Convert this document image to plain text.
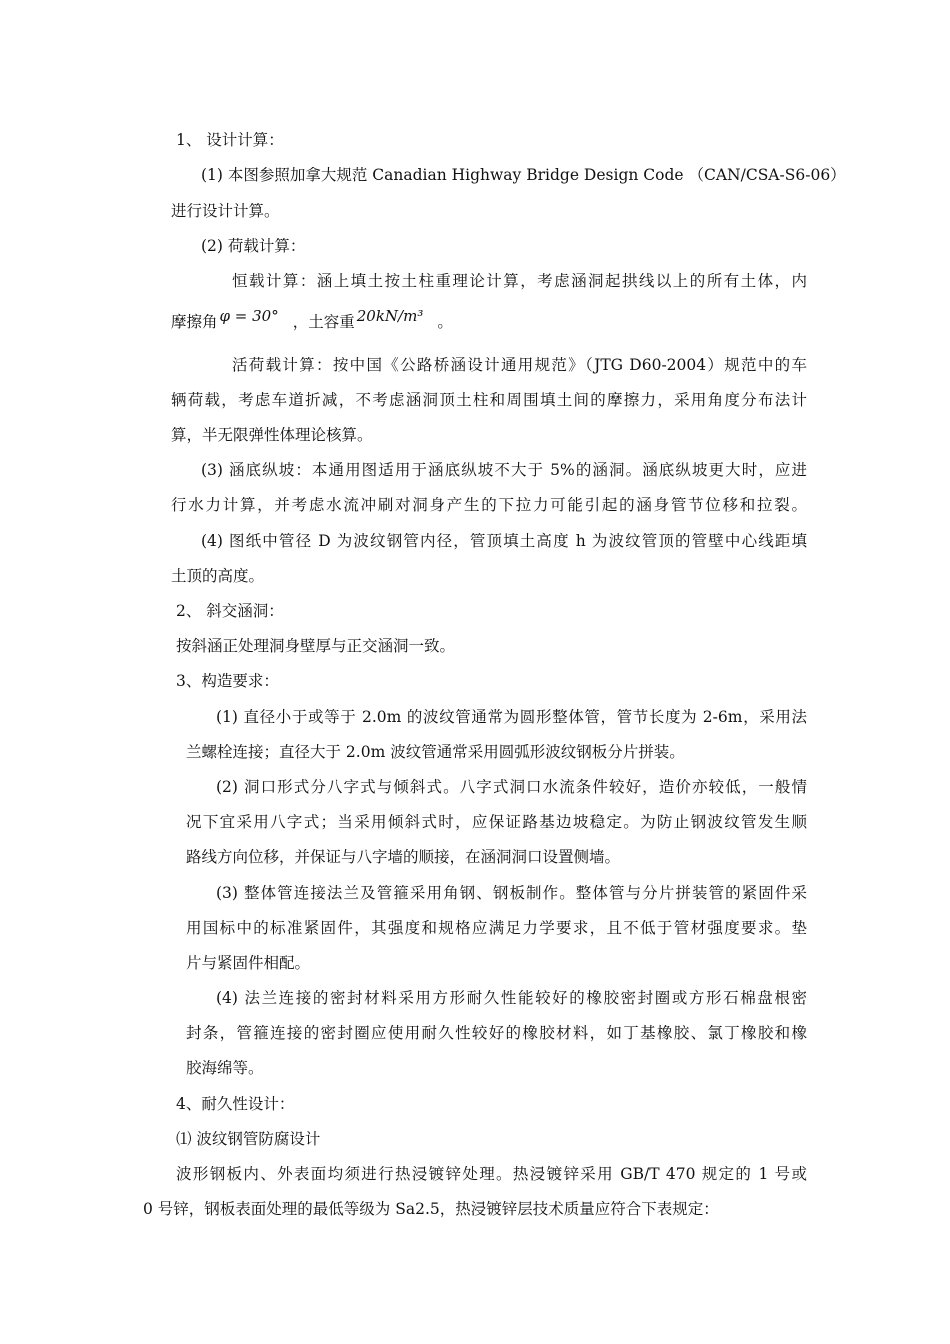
1、 设计计算：
(1) 本图参照加拿大规范 Canadian Highway Bridge Design Code （CAN/CSA-S6-06）
进行设计计算。
(2) 荷载计算：
恒载计算：涵上填土按土柱重理论计算，考虑涵洞起拱线以上的所有土体，内
摩擦角 φ = 30° ，土容重 20kN/m³ 。
活荷载计算：按中国《公路桥涵设计通用规范》（JTG D60-2004）规范中的车
辆荷载，考虑车道折减，不考虑涵洞顶土柱和周围填土间的摩擦力，采用角度分布法计
算，半无限弹性体理论核算。
(3) 涵底纵坡：本通用图适用于涵底纵坡不大于 5%的涵洞。涵底纵坡更大时，应进
行水力计算，并考虑水流冲刷对洞身产生的下拉力可能引起的涵身管节位移和拉裂。
(4) 图纸中管径 D 为波纹钢管内径，管顶填土高度 h 为波纹管顶的管壁中心线距填
土顶的高度。
2、 斜交涵洞：
按斜涵正处理洞身壁厚与正交涵洞一致。
3、构造要求：
(1) 直径小于或等于 2.0m 的波纹管通常为圆形整体管，管节长度为 2-6m，采用法
兰螺栓连接；直径大于 2.0m 波纹管通常采用圆弧形波纹钢板分片拼装。
(2) 洞口形式分八字式与倾斜式。八字式洞口水流条件较好，造价亦较低，一般情
况下宜采用八字式；当采用倾斜式时，应保证路基边坡稳定。为防止钢波纹管发生顺
路线方向位移，并保证与八字墙的顺接，在涵洞洞口设置侧墙。
(3) 整体管连接法兰及管箍采用角钢、钢板制作。整体管与分片拼装管的紧固件采
用国标中的标准紧固件，其强度和规格应满足力学要求，且不低于管材强度要求。垫
片与紧固件相配。
(4) 法兰连接的密封材料采用方形耐久性能较好的橡胶密封圈或方形石棉盘根密
封条，管箍连接的密封圈应使用耐久性较好的橡胶材料，如丁基橡胶、氯丁橡胶和橡
胶海绵等。
4、耐久性设计：
⑴ 波纹钢管防腐设计
波形钢板内、外表面均须进行热浸镀锌处理。热浸镀锌采用 GB/T 470 规定的 1 号或
0 号锌，钢板表面处理的最低等级为 Sa2.5，热浸镀锌层技术质量应符合下表规定：
